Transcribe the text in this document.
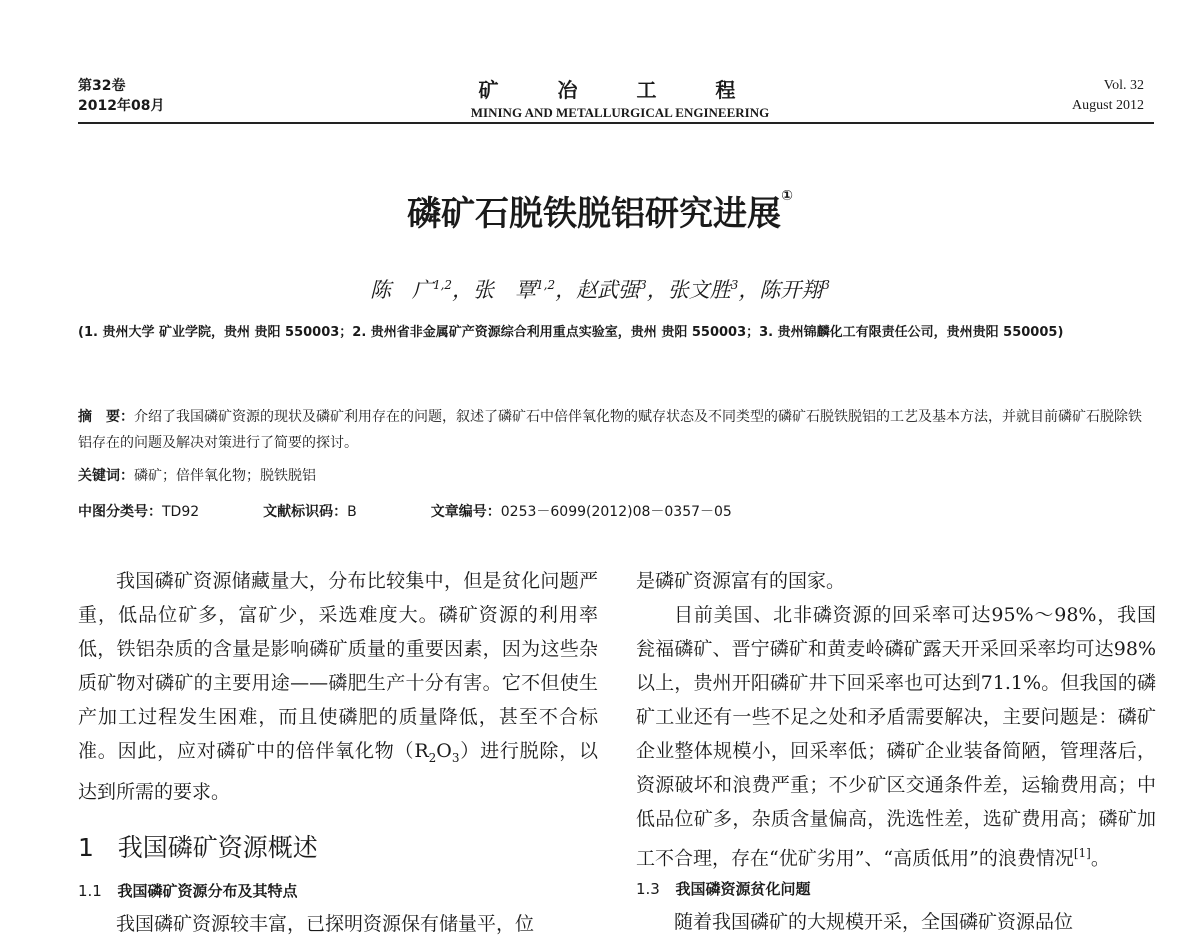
第32卷
2012年08月
矿 冶 工 程
MINING AND METALLURGICAL ENGINEERING
Vol. 32
August 2012
磷矿石脱铁脱铝研究进展①
陈　广$^{1,2}$，张　覃$^{1,2}$，赵武强$^3$，张文胜$^3$，陈开翔$^3$
(1. 贵州大学 矿业学院，贵州 贵阳 550003；2. 贵州省非金属矿产资源综合利用重点实验室，贵州 贵阳 550003；3. 贵州锦麟化工有限责任公司，贵州贵阳 550005)
摘　要：介绍了我国磷矿资源的现状及磷矿利用存在的问题，叙述了磷矿石中倍伴氧化物的赋存状态及不同类型的磷矿石脱铁脱铝的工艺及基本方法，并就目前磷矿石脱除铁铝存在的问题及解决对策进行了简要的探讨。
关键词：磷矿；倍伴氧化物；脱铁脱铝
中图分类号：TD92	文献标识码：B	文章编号：0253－6099(2012)08－0357－05

我国磷矿资源储藏量大，分布比较集中，但是贫化问题严重，低品位矿多，富矿少，采选难度大。磷矿资源的利用率低，铁铝杂质的含量是影响磷矿质量的重要因素，因为这些杂质矿物对磷矿的主要用途——磷肥生产十分有害。它不但使生产加工过程发生困难，而且使磷肥的质量降低，甚至不合标准。因此，应对磷矿中的倍伴氧化物$(R_2O_3)$进行脱除，以达到所需的要求。

1 我国磷矿资源概述
1.1 我国磷矿资源分布及其特点

我国磷矿资源较丰富，已探明资源保有储量平，位

是磷矿资源富有的国家。

目前美国、北非磷资源的回采率可达95%～98%，我国瓮福磷矿、晋宁磷矿和黄麦岭磷矿露天开采回采率均可达98%以上，贵州开阳磷矿井下回采率也可达到71.1%。但我国的磷矿工业还有一些不足之处和矛盾需要解决，主要问题是：磷矿企业整体规模小，回采率低；磷矿企业装备简陋，管理落后，资源破坏和浪费严重；不少矿区交通条件差，运输费用高；中低品位矿多，杂质含量偏高，洗选性差，选矿费用高；磷矿加工不合理，存在“优矿劣用”、“高质低用”的浪费情况[1]。

1.3 我国磷资源贫化问题

随着我国磷矿的大规模开采，全国磷矿资源品位
